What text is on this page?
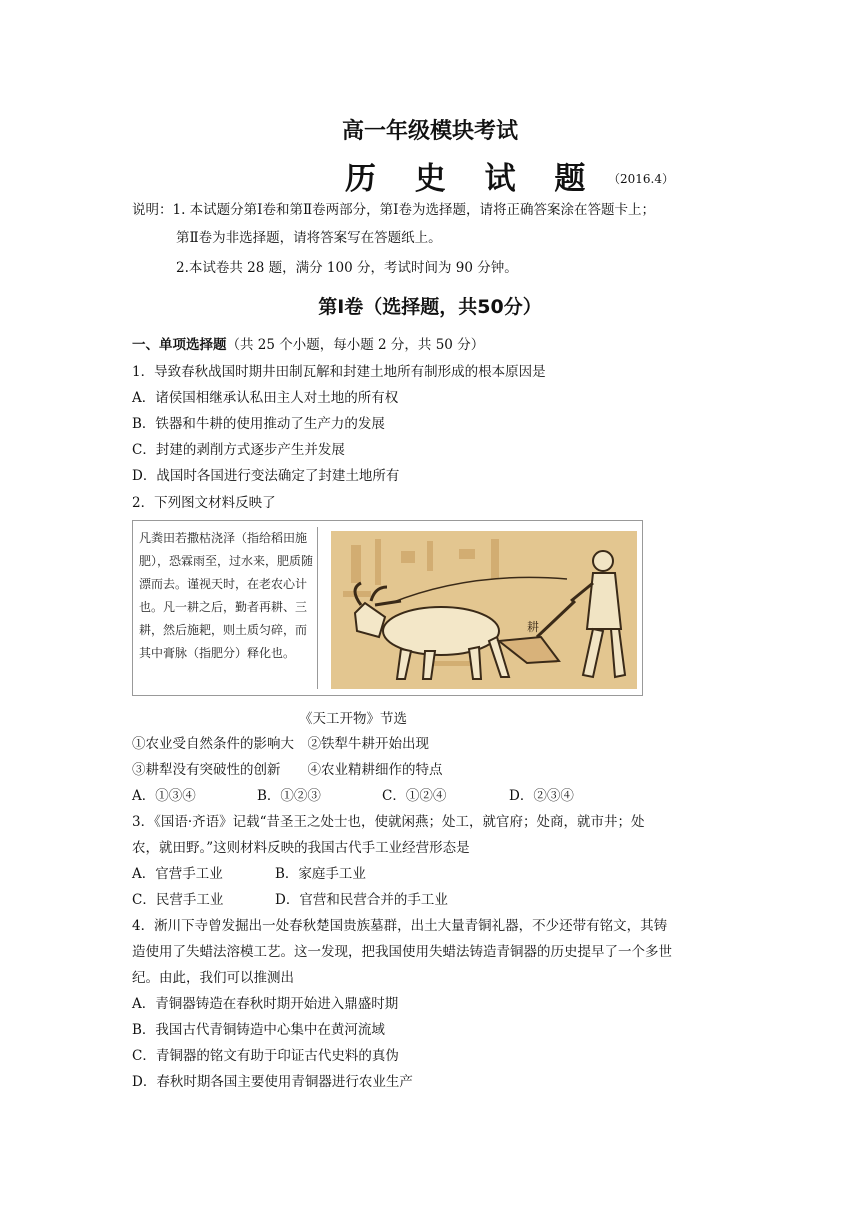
高一年级模块考试
历 史 试 题 （2016.4）
说明：1. 本试题分第Ⅰ卷和第Ⅱ卷两部分，第Ⅰ卷为选择题，请将正确答案涂在答题卡上；
第Ⅱ卷为非选择题，请将答案写在答题纸上。
2.本试卷共 28 题，满分 100 分，考试时间为 90 分钟。
第Ⅰ卷（选择题，共50分）
一、单项选择题（共 25 个小题，每小题 2 分，共 50 分）
1．导致春秋战国时期井田制瓦解和封建土地所有制形成的根本原因是
A．诸侯国相继承认私田主人对土地的所有权
B．铁器和牛耕的使用推动了生产力的发展
C．封建的剥削方式逐步产生并发展
D．战国时各国进行变法确定了封建土地所有
2．下列图文材料反映了
凡粪田若撒枯浇泽（指给稻田施肥），恐霖雨至，过水来，肥质随漂而去。谨视天时，在老农心计也。凡一耕之后，勤者再耕、三耕，然后施耙，则土质匀碎，而其中膏脉（指肥分）释化也。
耕
《天工开物》节选
①农业受自然条件的影响大　②铁犁牛耕开始出现
③耕犁没有突破性的创新　　④农业精耕细作的特点
A．①③④	B．①②③	C．①②④	D．②③④
3．《国语·齐语》记载“昔圣王之处士也，使就闲燕；处工，就官府；处商，就市井；处
农，就田野。”这则材料反映的我国古代手工业经营形态是
A．官营手工业	B．家庭手工业
C．民营手工业	D．官营和民营合并的手工业
4．淅川下寺曾发掘出一处春秋楚国贵族墓群，出土大量青铜礼器，不少还带有铭文，其铸
造使用了失蜡法溶模工艺。这一发现，把我国使用失蜡法铸造青铜器的历史提早了一个多世
纪。由此，我们可以推测出
A．青铜器铸造在春秋时期开始进入鼎盛时期
B．我国古代青铜铸造中心集中在黄河流域
C．青铜器的铭文有助于印证古代史料的真伪
D．春秋时期各国主要使用青铜器进行农业生产
